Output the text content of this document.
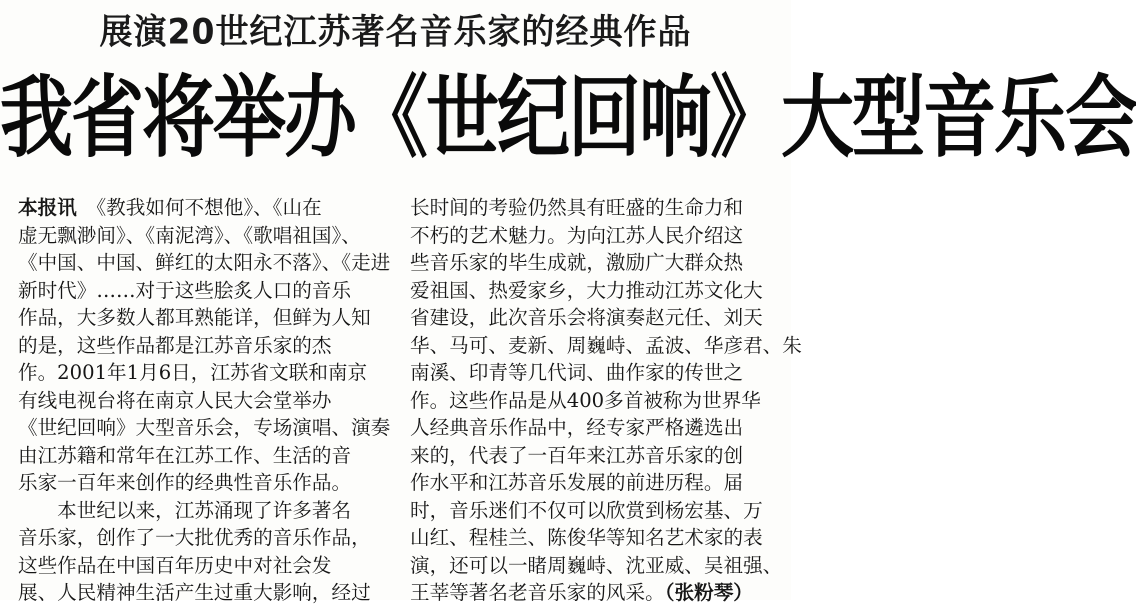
展演20世纪江苏著名音乐家的经典作品
我省将举办《世纪回响》大型音乐会
本报讯　 《教我如何不想他》、《山在
虚无飘渺间》、《南泥湾》、《歌唱祖国》、
《中国、中国、鲜红的太阳永不落》、《走进
新时代》……对于这些脍炙人口的音乐
作品，大多数人都耳熟能详，但鲜为人知
的是，这些作品都是江苏音乐家的杰
作。2001年1月6日，江苏省文联和南京
有线电视台将在南京人民大会堂举办
《世纪回响》大型音乐会，专场演唱、演奏
由江苏籍和常年在江苏工作、生活的音
乐家一百年来创作的经典性音乐作品。
　　本世纪以来，江苏涌现了许多著名
音乐家，创作了一大批优秀的音乐作品，
这些作品在中国百年历史中对社会发
展、人民精神生活产生过重大影响，经过
长时间的考验仍然具有旺盛的生命力和
不朽的艺术魅力。为向江苏人民介绍这
些音乐家的毕生成就，激励广大群众热
爱祖国、热爱家乡，大力推动江苏文化大
省建设，此次音乐会将演奏赵元任、刘天
华、马可、麦新、周巍峙、孟波、华彦君、朱
南溪、印青等几代词、曲作家的传世之
作。这些作品是从400多首被称为世界华
人经典音乐作品中，经专家严格遴选出
来的，代表了一百年来江苏音乐家的创
作水平和江苏音乐发展的前进历程。届
时，音乐迷们不仅可以欣赏到杨宏基、万
山红、程桂兰、陈俊华等知名艺术家的表
演，还可以一睹周巍峙、沈亚威、吴祖强、
王莘等著名老音乐家的风采。（张粉琴）
